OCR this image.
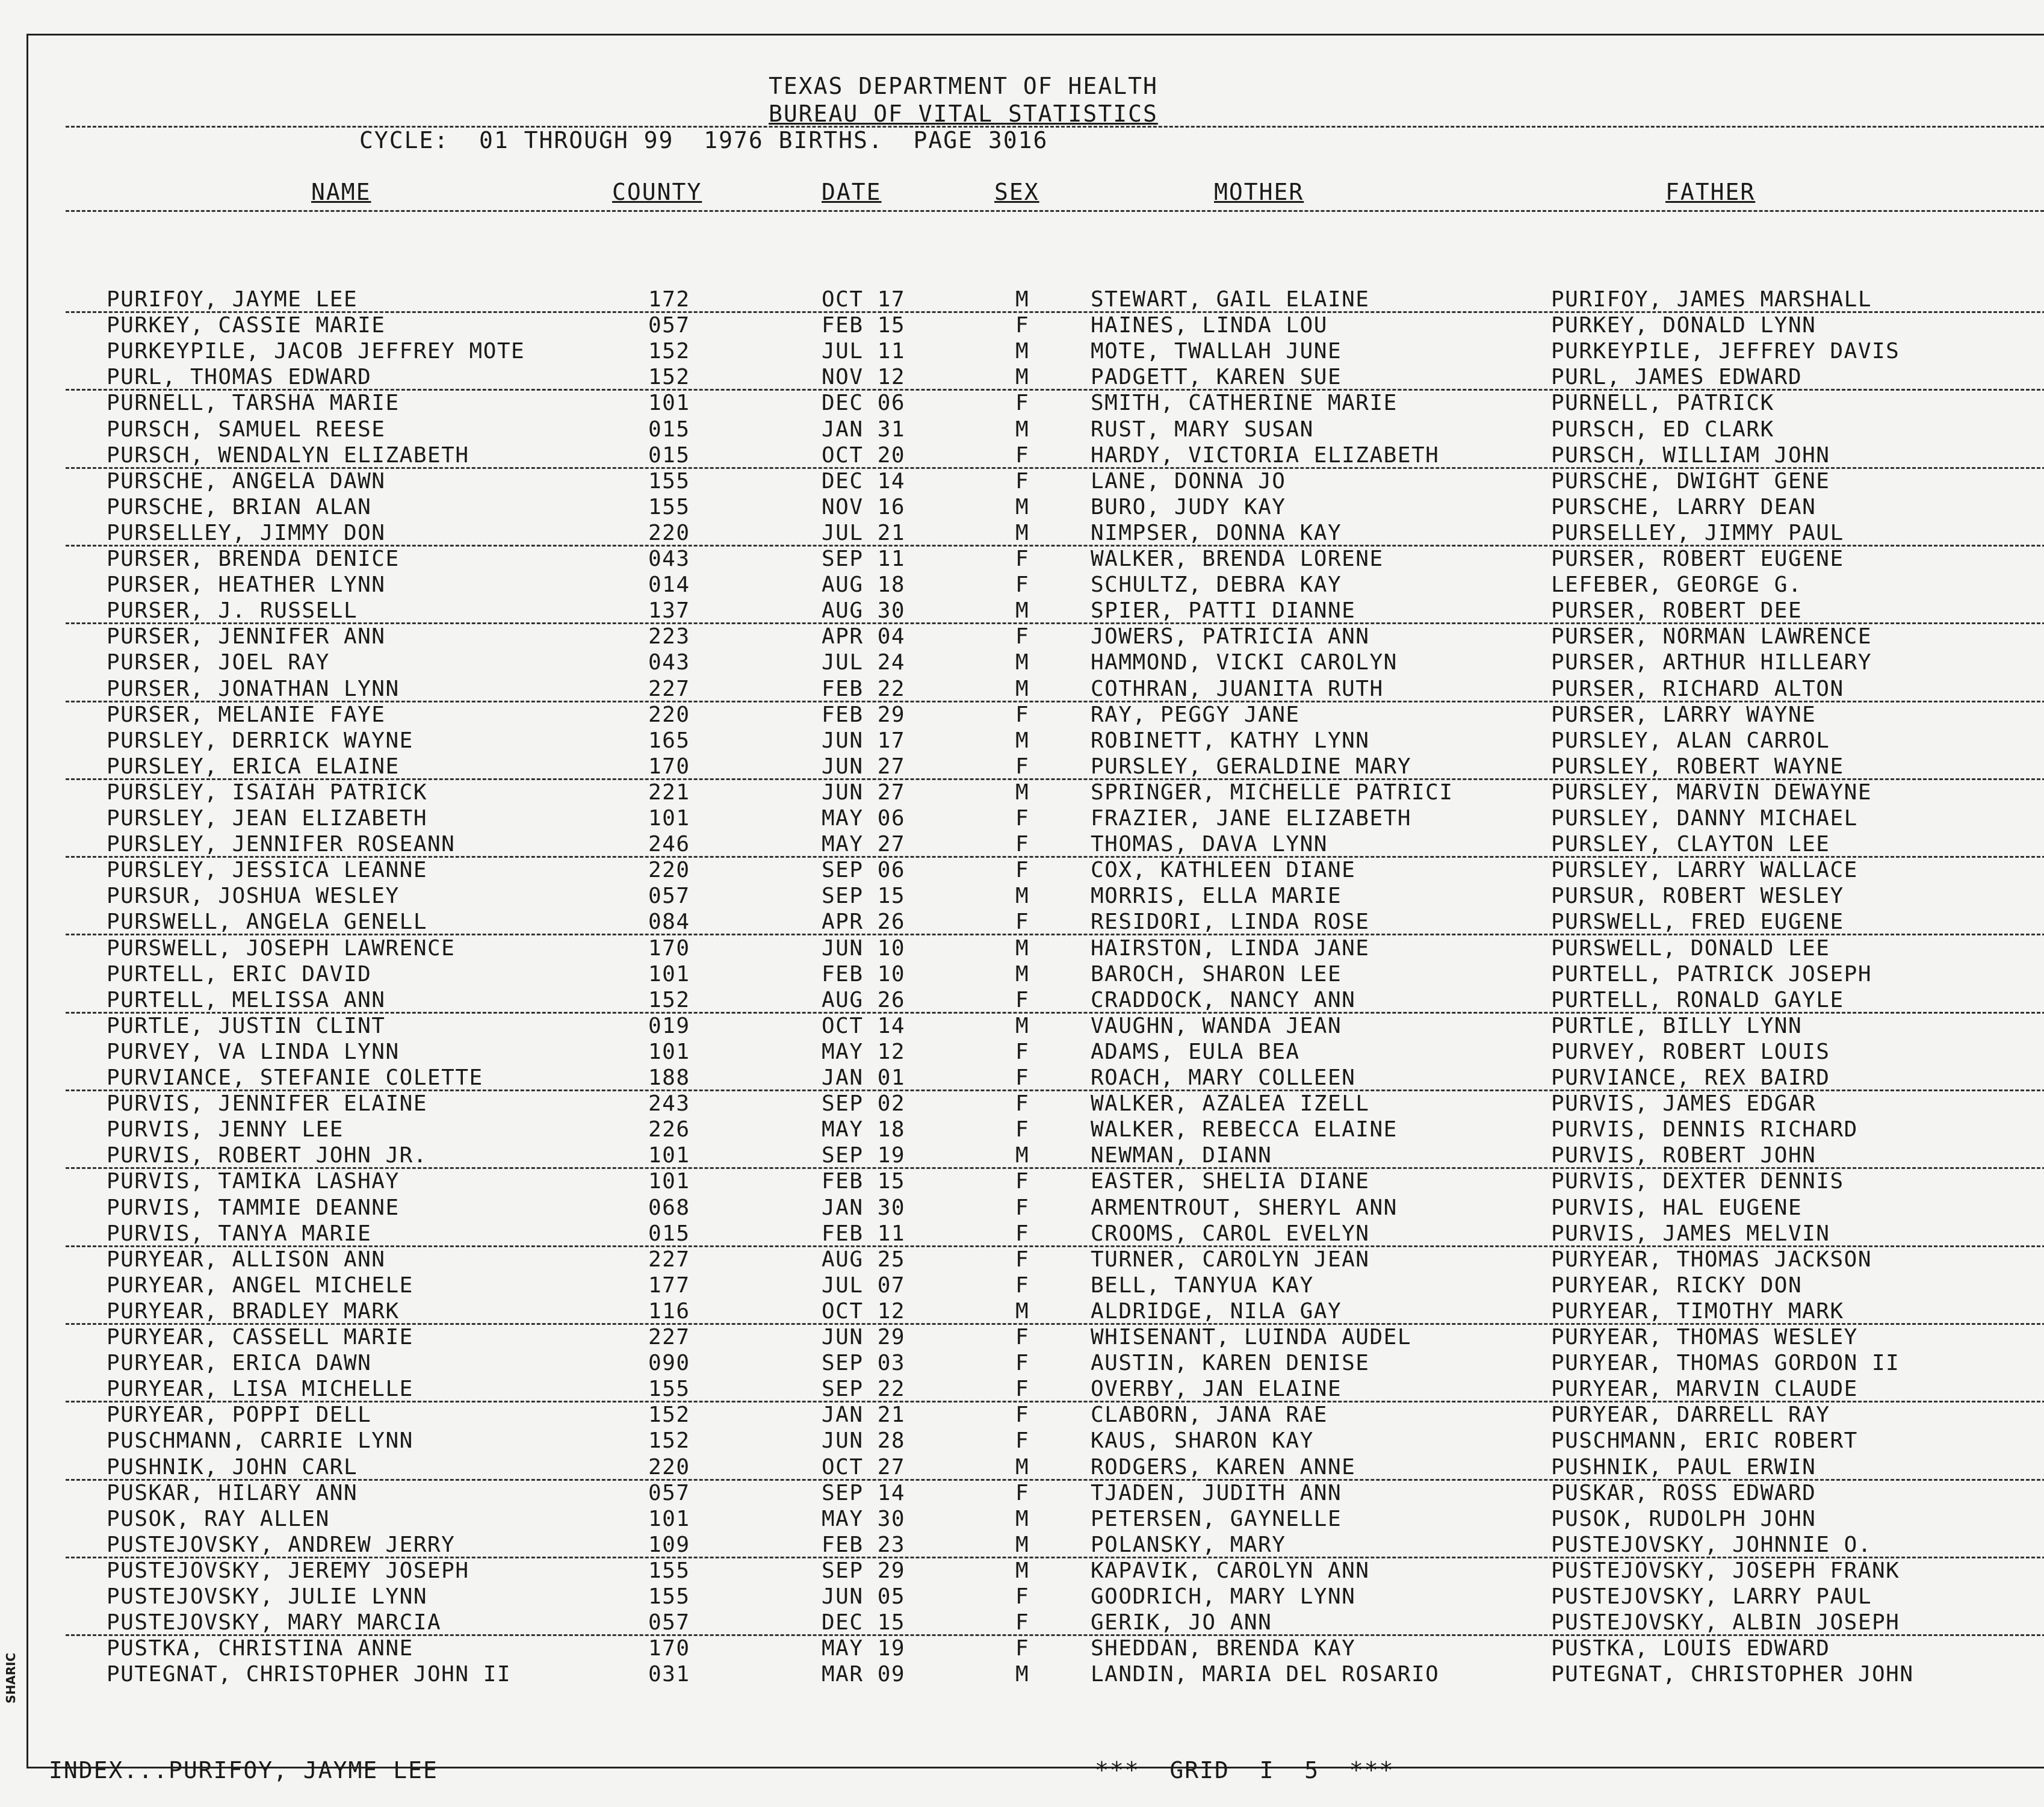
TEXAS DEPARTMENT OF HEALTH
BUREAU OF VITAL STATISTICS
CYCLE:  01 THROUGH 99  1976 BIRTHS.  PAGE 3016
NAME	COUNTY	DATE	SEX	MOTHER	FATHER
PURIFOY, JAYME LEE	172	OCT 17	M	STEWART, GAIL ELAINE	PURIFOY, JAMES MARSHALL
PURKEY, CASSIE MARIE	057	FEB 15	F	HAINES, LINDA LOU	PURKEY, DONALD LYNN
PURKEYPILE, JACOB JEFFREY MOTE	152	JUL 11	M	MOTE, TWALLAH JUNE	PURKEYPILE, JEFFREY DAVIS
PURL, THOMAS EDWARD	152	NOV 12	M	PADGETT, KAREN SUE	PURL, JAMES EDWARD
PURNELL, TARSHA MARIE	101	DEC 06	F	SMITH, CATHERINE MARIE	PURNELL, PATRICK
PURSCH, SAMUEL REESE	015	JAN 31	M	RUST, MARY SUSAN	PURSCH, ED CLARK
PURSCH, WENDALYN ELIZABETH	015	OCT 20	F	HARDY, VICTORIA ELIZABETH	PURSCH, WILLIAM JOHN
PURSCHE, ANGELA DAWN	155	DEC 14	F	LANE, DONNA JO	PURSCHE, DWIGHT GENE
PURSCHE, BRIAN ALAN	155	NOV 16	M	BURO, JUDY KAY	PURSCHE, LARRY DEAN
PURSELLEY, JIMMY DON	220	JUL 21	M	NIMPSER, DONNA KAY	PURSELLEY, JIMMY PAUL
PURSER, BRENDA DENICE	043	SEP 11	F	WALKER, BRENDA LORENE	PURSER, ROBERT EUGENE
PURSER, HEATHER LYNN	014	AUG 18	F	SCHULTZ, DEBRA KAY	LEFEBER, GEORGE G.
PURSER, J. RUSSELL	137	AUG 30	M	SPIER, PATTI DIANNE	PURSER, ROBERT DEE
PURSER, JENNIFER ANN	223	APR 04	F	JOWERS, PATRICIA ANN	PURSER, NORMAN LAWRENCE
PURSER, JOEL RAY	043	JUL 24	M	HAMMOND, VICKI CAROLYN	PURSER, ARTHUR HILLEARY
PURSER, JONATHAN LYNN	227	FEB 22	M	COTHRAN, JUANITA RUTH	PURSER, RICHARD ALTON
PURSER, MELANIE FAYE	220	FEB 29	F	RAY, PEGGY JANE	PURSER, LARRY WAYNE
PURSLEY, DERRICK WAYNE	165	JUN 17	M	ROBINETT, KATHY LYNN	PURSLEY, ALAN CARROL
PURSLEY, ERICA ELAINE	170	JUN 27	F	PURSLEY, GERALDINE MARY	PURSLEY, ROBERT WAYNE
PURSLEY, ISAIAH PATRICK	221	JUN 27	M	SPRINGER, MICHELLE PATRICI	PURSLEY, MARVIN DEWAYNE
PURSLEY, JEAN ELIZABETH	101	MAY 06	F	FRAZIER, JANE ELIZABETH	PURSLEY, DANNY MICHAEL
PURSLEY, JENNIFER ROSEANN	246	MAY 27	F	THOMAS, DAVA LYNN	PURSLEY, CLAYTON LEE
PURSLEY, JESSICA LEANNE	220	SEP 06	F	COX, KATHLEEN DIANE	PURSLEY, LARRY WALLACE
PURSUR, JOSHUA WESLEY	057	SEP 15	M	MORRIS, ELLA MARIE	PURSUR, ROBERT WESLEY
PURSWELL, ANGELA GENELL	084	APR 26	F	RESIDORI, LINDA ROSE	PURSWELL, FRED EUGENE
PURSWELL, JOSEPH LAWRENCE	170	JUN 10	M	HAIRSTON, LINDA JANE	PURSWELL, DONALD LEE
PURTELL, ERIC DAVID	101	FEB 10	M	BAROCH, SHARON LEE	PURTELL, PATRICK JOSEPH
PURTELL, MELISSA ANN	152	AUG 26	F	CRADDOCK, NANCY ANN	PURTELL, RONALD GAYLE
PURTLE, JUSTIN CLINT	019	OCT 14	M	VAUGHN, WANDA JEAN	PURTLE, BILLY LYNN
PURVEY, VA LINDA LYNN	101	MAY 12	F	ADAMS, EULA BEA	PURVEY, ROBERT LOUIS
PURVIANCE, STEFANIE COLETTE	188	JAN 01	F	ROACH, MARY COLLEEN	PURVIANCE, REX BAIRD
PURVIS, JENNIFER ELAINE	243	SEP 02	F	WALKER, AZALEA IZELL	PURVIS, JAMES EDGAR
PURVIS, JENNY LEE	226	MAY 18	F	WALKER, REBECCA ELAINE	PURVIS, DENNIS RICHARD
PURVIS, ROBERT JOHN JR.	101	SEP 19	M	NEWMAN, DIANN	PURVIS, ROBERT JOHN
PURVIS, TAMIKA LASHAY	101	FEB 15	F	EASTER, SHELIA DIANE	PURVIS, DEXTER DENNIS
PURVIS, TAMMIE DEANNE	068	JAN 30	F	ARMENTROUT, SHERYL ANN	PURVIS, HAL EUGENE
PURVIS, TANYA MARIE	015	FEB 11	F	CROOMS, CAROL EVELYN	PURVIS, JAMES MELVIN
PURYEAR, ALLISON ANN	227	AUG 25	F	TURNER, CAROLYN JEAN	PURYEAR, THOMAS JACKSON
PURYEAR, ANGEL MICHELE	177	JUL 07	F	BELL, TANYUA KAY	PURYEAR, RICKY DON
PURYEAR, BRADLEY MARK	116	OCT 12	M	ALDRIDGE, NILA GAY	PURYEAR, TIMOTHY MARK
PURYEAR, CASSELL MARIE	227	JUN 29	F	WHISENANT, LUINDA AUDEL	PURYEAR, THOMAS WESLEY
PURYEAR, ERICA DAWN	090	SEP 03	F	AUSTIN, KAREN DENISE	PURYEAR, THOMAS GORDON II
PURYEAR, LISA MICHELLE	155	SEP 22	F	OVERBY, JAN ELAINE	PURYEAR, MARVIN CLAUDE
PURYEAR, POPPI DELL	152	JAN 21	F	CLABORN, JANA RAE	PURYEAR, DARRELL RAY
PUSCHMANN, CARRIE LYNN	152	JUN 28	F	KAUS, SHARON KAY	PUSCHMANN, ERIC ROBERT
PUSHNIK, JOHN CARL	220	OCT 27	M	RODGERS, KAREN ANNE	PUSHNIK, PAUL ERWIN
PUSKAR, HILARY ANN	057	SEP 14	F	TJADEN, JUDITH ANN	PUSKAR, ROSS EDWARD
PUSOK, RAY ALLEN	101	MAY 30	M	PETERSEN, GAYNELLE	PUSOK, RUDOLPH JOHN
PUSTEJOVSKY, ANDREW JERRY	109	FEB 23	M	POLANSKY, MARY	PUSTEJOVSKY, JOHNNIE O.
PUSTEJOVSKY, JEREMY JOSEPH	155	SEP 29	M	KAPAVIK, CAROLYN ANN	PUSTEJOVSKY, JOSEPH FRANK
PUSTEJOVSKY, JULIE LYNN	155	JUN 05	F	GOODRICH, MARY LYNN	PUSTEJOVSKY, LARRY PAUL
PUSTEJOVSKY, MARY MARCIA	057	DEC 15	F	GERIK, JO ANN	PUSTEJOVSKY, ALBIN JOSEPH
PUSTKA, CHRISTINA ANNE	170	MAY 19	F	SHEDDAN, BRENDA KAY	PUSTKA, LOUIS EDWARD
PUTEGNAT, CHRISTOPHER JOHN II	031	MAR 09	M	LANDIN, MARIA DEL ROSARIO	PUTEGNAT, CHRISTOPHER JOHN
INDEX...PURIFOY, JAYME LEE	***  GRID  I  5  ***
SHARIC
